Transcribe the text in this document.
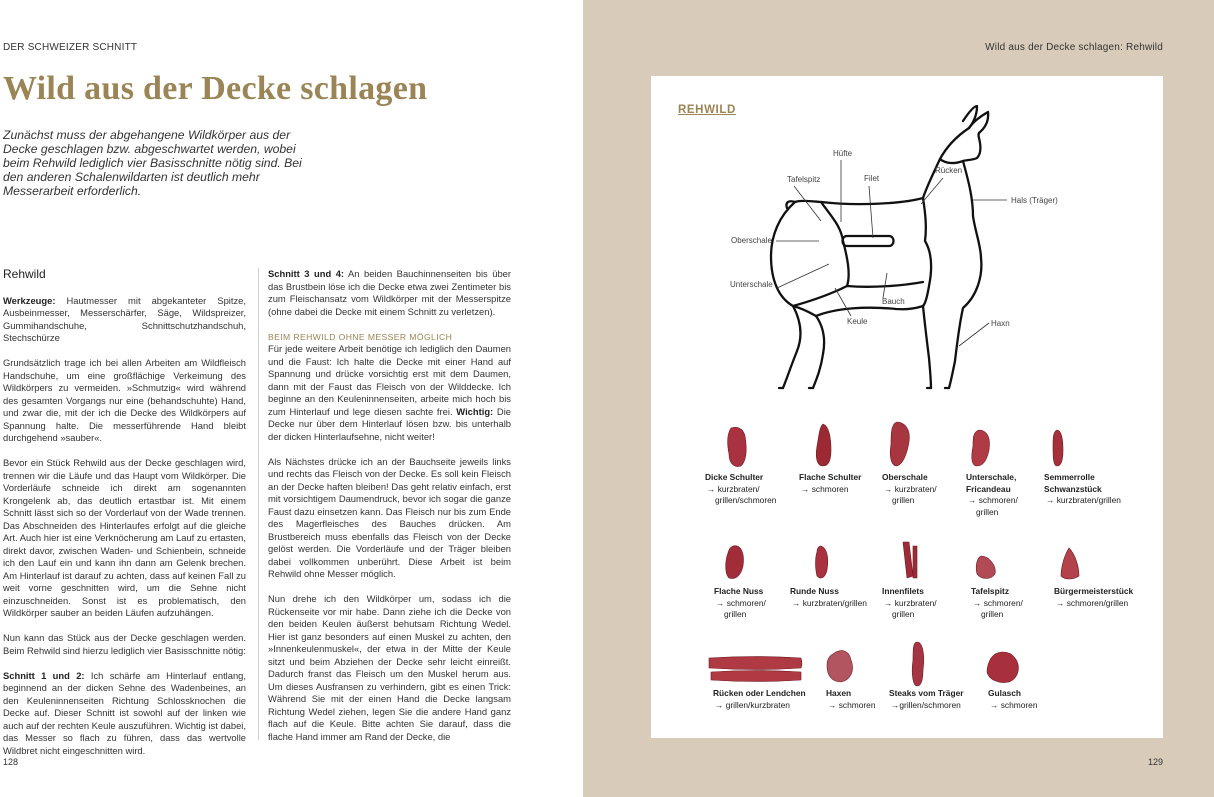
DER SCHWEIZER SCHNITT
Wild aus der Decke schlagen
Zunächst muss der abgehangene Wildkörper aus der Decke geschlagen bzw. abgeschwartet werden, wobei beim Rehwild lediglich vier Basisschnitte nötig sind. Bei den anderen Schalenwildarten ist deutlich mehr Messerarbeit erforderlich.
Rehwild

Werkzeuge: Hautmesser mit abgekanteter Spitze, Ausbeinmesser, Messerschärfer, Säge, Wildspreizer, Gummihandschuhe, Schnittschutzhandschuh, Stechschürze

Grundsätzlich trage ich bei allen Arbeiten am Wildfleisch Handschuhe, um eine großflächige Verkeimung des Wildkörpers zu vermeiden. »Schmutzig« wird während des gesamten Vorgangs nur eine (behandschuhte) Hand, und zwar die, mit der ich die Decke des Wildkörpers auf Spannung halte. Die messerführende Hand bleibt durchgehend »sauber«.

Bevor ein Stück Rehwild aus der Decke geschlagen wird, trennen wir die Läufe und das Haupt vom Wildkörper. Die Vorderläufe schneide ich direkt am sogenannten Krongelenk ab, das deutlich ertastbar ist. Mit einem Schnitt lässt sich so der Vorderlauf von der Wade trennen. Das Abschneiden des Hinterlaufes erfolgt auf die gleiche Art. Auch hier ist eine Verknöcherung am Lauf zu ertasten, direkt davor, zwischen Waden- und Schienbein, schneide ich den Lauf ein und kann ihn dann am Gelenk brechen. Am Hinterlauf ist darauf zu achten, dass auf keinen Fall zu weit vorne geschnitten wird, um die Sehne nicht einzuschneiden. Sonst ist es problematisch, den Wildkörper sauber an beiden Läufen aufzuhängen.

Nun kann das Stück aus der Decke geschlagen werden. Beim Rehwild sind hierzu lediglich vier Basisschnitte nötig:

Schnitt 1 und 2: Ich schärfe am Hinterlauf entlang, beginnend an der dicken Sehne des Wadenbeines, an den Keuleninnenseiten Richtung Schlossknochen die Decke auf. Dieser Schnitt ist sowohl auf der linken wie auch auf der rechten Keule auszuführen. Wichtig ist dabei, das Messer so flach zu führen, dass das wertvolle Wildbret nicht eingeschnitten wird.

Schnitt 3 und 4: An beiden Bauchinnenseiten bis über das Brustbein löse ich die Decke etwa zwei Zentimeter bis zum Fleischansatz vom Wildkörper mit der Messerspitze (ohne dabei die Decke mit einem Schnitt zu verletzen).

BEIM REHWILD OHNE MESSER MÖGLICH

Für jede weitere Arbeit benötige ich lediglich den Daumen und die Faust: Ich halte die Decke mit einer Hand auf Spannung und drücke vorsichtig erst mit dem Daumen, dann mit der Faust das Fleisch von der Wilddecke. Ich beginne an den Keuleninnenseiten, arbeite mich hoch bis zum Hinterlauf und lege diesen sachte frei. Wichtig: Die Decke nur über dem Hinterlauf lösen bzw. bis unterhalb der dicken Hinterlaufsehne, nicht weiter!

Als Nächstes drücke ich an der Bauchseite jeweils links und rechts das Fleisch von der Decke. Es soll kein Fleisch an der Decke haften bleiben! Das geht relativ einfach, erst mit vorsichtigem Daumendruck, bevor ich sogar die ganze Faust dazu einsetzen kann. Das Fleisch nur bis zum Ende des Magerfleisches des Bauches drücken. Am Brustbereich muss ebenfalls das Fleisch von der Decke gelöst werden. Die Vorderläufe und der Träger bleiben dabei vollkommen unberührt. Diese Arbeit ist beim Rehwild ohne Messer möglich.

Nun drehe ich den Wildkörper um, sodass ich die Rückenseite vor mir habe. Dann ziehe ich die Decke von den beiden Keulen äußerst behutsam Richtung Wedel. Hier ist ganz besonders auf einen Muskel zu achten, den »Innenkeulenmuskel«, der etwa in der Mitte der Keule sitzt und beim Abziehen der Decke sehr leicht einreißt. Dadurch franst das Fleisch um den Muskel herum aus. Um dieses Ausfransen zu verhindern, gibt es einen Trick: Während Sie mit der einen Hand die Decke langsam Richtung Wedel ziehen, legen Sie die andere Hand ganz flach auf die Keule. Bitte achten Sie darauf, dass die flache Hand immer am Rand der Decke, die

128
Wild aus der Decke schlagen: Rehwild
129
REHWILD
Hüfte
Tafelspitz	Filet
Rücken
Hals (Träger)
Oberschale
Unterschale
Bauch
Keule	Haxn
Dicke Schulter
→ kurzbraten/
grillen/schmoren
Flache Schulter
→ schmoren
Oberschale
→ kurzbraten/
grillen
Unterschale, Fricandeau
→ schmoren/
grillen
Semmerrolle Schwanzstück
→ kurzbraten/grillen
Flache Nuss
→ schmoren/
grillen
Runde Nuss
→ kurzbraten/grillen
Innenfilets
→ kurzbraten/
grillen
Tafelspitz
→ schmoren/
grillen
Bürgermeisterstück
→ schmoren/grillen
Rücken oder Lendchen
→ grillen/kurzbraten
Haxen
→ schmoren
Steaks vom Träger
→grillen/schmoren
Gulasch
→ schmoren
